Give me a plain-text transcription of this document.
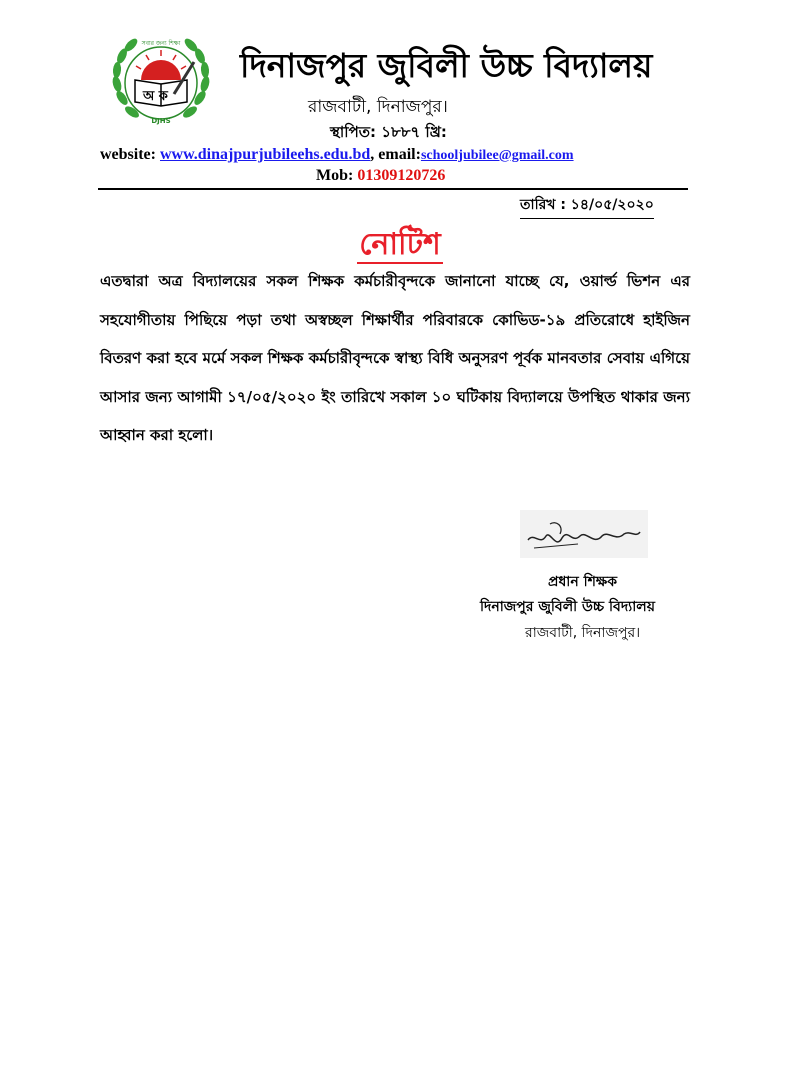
অ ক
DJHS
সবার জন্য শিক্ষা
দিনাজপুর জুবিলী উচ্চ বিদ্যালয়
রাজবাটী, দিনাজপুর।
স্থাপিত: ১৮৮৭ খ্রি:
website: www.dinajpurjubileehs.edu.bd, email:schooljubilee@gmail.com
Mob: 01309120726
তারিখ : ১৪/০৫/২০২০
নোটিশ
এতদ্বারা অত্র বিদ্যালয়ের সকল শিক্ষক কর্মচারীবৃন্দকে জানানো যাচ্ছে যে, ওয়ার্ল্ড ভিশন এর সহযোগীতায় পিছিয়ে পড়া তথা অস্বচ্ছল শিক্ষার্থীর পরিবারকে কোভিড-১৯ প্রতিরোধে হাইজিন বিতরণ করা হবে মর্মে সকল শিক্ষক কর্মচারীবৃন্দকে স্বাস্থ্য বিধি অনুসরণ পূর্বক মানবতার সেবায় এগিয়ে আসার জন্য আগামী ১৭/০৫/২০২০ ইং তারিখে সকাল ১০ ঘটিকায় বিদ্যালয়ে উপস্থিত থাকার জন্য আহ্বান করা হলো।
প্রধান শিক্ষক
দিনাজপুর জুবিলী উচ্চ বিদ্যালয়
রাজবাটী, দিনাজপুর।
